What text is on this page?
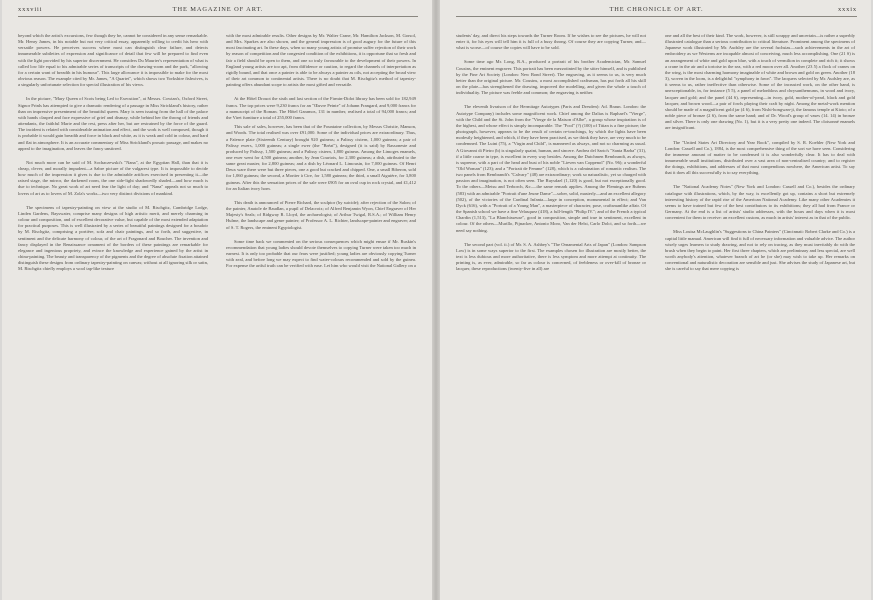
xxxviii	THE MAGAZINE OF ART.

beyond which the artist's excursions, few though they be, cannot be considered in any sense remarkable. Mr. Henry James, in his notable but not very critical essay, apparently willing to credit his hero with versatile powers. He perceives success where most can distinguish clear failure, and detects innumerable subtleties of expression and significance of detail that few will be prepared to find even with the light provided by his superior discernment. He considers Du Maurier's representation of what is called low life equal to his admirable series of transcripts of the drawing-room and the park, "allowing for a certain want of breadth in his humour". This large allowance it is impossible to make for the most obvious reason. The example cited by Mr. James, "A Quartet", which shows two Yorkshire fishwives, is a singularly unfortunate selection for special illustration of his views.

In the picture, "Mary Queen of Scots being Led to Execution", at Messrs. Cowtan's, Oxford Street, Signor Prinls has attempted to give a dramatic rendering of a passage in Miss Strickland's history, rather than on impressive presentment of the beautiful queen. Mary is seen issuing from the hall of the palace with hands clasped and face expressive of grief and dismay, while behind her the throng of friends and attendants, the faithful Marie and the rest, press after her, but are restrained by the force of the guard. The incident is related with considerable animation and effect, and the work is well composed, though it is probable it would gain breadth and force in black and white, as it is weak and cold in colour, and hard and flat in atmosphere. It is an accurate commentary of Miss Strickland's prosaic passage, and makes no appeal to the imagination, and leaves the fancy unstirred.

Not much more can be said of M. Sochaczewski's "Nana", at the Egyptian Hall, than that it is cheap, clever, and morally impudent—a Sabre picture of the vulgarest type. It is impossible to decide how much of the impression it gives is due to the admirable artifices exercised in presenting it—the raised stage, the mirror, the darkened room, the one side-light shadowedly shaded—and how much is due to technique. No great work of art need fear the light of day; and "Nana" appeals not so much to lovers of art as to lovers of M. Zola's works—two very distinct divisions of mankind.

The specimens of tapestry-painting on view at the studio of M. Rischgitz, Cambridge Lodge, Linden Gardens, Bayswater, comprise many designs of high artistic merit, and merely charming in colour and composition, and of excellent decorative value, but capable of the most extended adaptation for practical purposes. This is well illustrated by a series of beautiful paintings designed for a boudoir by M. Rischgitz, comprising a portière, sofa and chair paintings, and so forth, and suggestive, in sentiment and the delicate harmony of colour, of the art of Fragonard and Boucher. The invention and fancy displayed in the Renaissance ornament of the borders of these paintings are remarkable for elegance and ingenious propriety, and evince the knowledge and experience gained by the artist in china-painting. The beauty and transparency of the pigments and the degree of absolute fixation attained distinguish these designs from ordinary tapestry-painting on canvas; without at all ignoring silk or satin, M. Rischgitz chiefly employs a wool tap-like texture

with the most admirable results. Other designs by Mr. Walter Crane, Mr. Hamilton Jackson, M. Gorsol, and Mrs. Sparkes are also shown, and the general impression is of good augury for the future of this most fascinating art. In these days, when so many young artists of promise suffer rejection of their work by reason of competition and the congested condition of the exhibitions, it is opportune that so fresh and fair a field should be open to them, and one so truly favourable to the development of their powers. In England young artists are too apt, from diffidence or caution, to regard the channels of interpretation as rigidly bound, and that once a painter is able to be always a painter as oils, not accepting the broad view of their art common to continental artists. There is no doubt that M. Rischgitz's method of tapestry-painting offers abundant scope to artists the most gifted and versatile.

At the Hôtel Drouot the sixth and last section of the Firmin-Didot library has been sold for 182,949 francs. The top prices were 9,230 francs for an "Œuvre Peinte" of Johann Frangard, and 9,000 francs for a manuscript of the Roman. The Hôtel Garamos, 131 in number, realised a total of 94,000 francs; and the Viret furniture a total of 255,000 francs.

This sale of sales, however, has been that of the Fountaine collection, by Messrs Christie, Manson, and Woods. The total realised was over £91,000. Some of the individual prices are extraordinary. Thus, a Faïence plate (Sixteenth Century) brought 920 guineas; a Palissy cistern, 1,000 guineas; a pair of Palissy ewers, 1,000 guineas; a single ewer (the "Bréat"), designed (it is said) by Rassoneste and produced by Palissy, 1,500 guineas; and a Palissy cistern, 1,800 guineas. Among the Limoges enamels, one ewer went for 4,500 guineas; another, by Jean Courtois, for 2,300 guineas; a dish, attributed to the same great master, for 2,800 guineas; and a dish by Léonard L. Limousin, for 7,000 guineas. Of Henri Deux ware there were but three pieces, one a good but cracked and chipped. One, a small Biberon, sold for 1,060 guineas; the second, a Mortier à Cire, for 1,580 guineas; the third, a small Aiguière, for 3,800 guineas. After this the sensation prices of the sale were £905 for an oval cup in rock crystal, and £1,412 for an Italian ivory horn.

This death is announced of Pierre Richard, the sculptor (by suicide); after rejection of the Salon; of the painter, Anatole de Baudlan, a pupil of Delacroix; of Alfred Benjamin Wyon, Chief Engraver of Her Majesty's Seals; of Ridgway R. Lloyd, the archaeologist; of Arthur Twigal, R.S.A.; of William Henry Hulme, the landscape and genre painter; of Professor A. L. Richter, landscape-painter and engraver; and of S. T. Rogers, the eminent Egyptologist.

Some time back we commented on the serious consequences which might ensue if Mr. Ruskin's recommendation that young ladies should devote themselves to copying Turner were taken too much in earnest. It is only too probable that our fears were justified; young ladies are obviously copying Turner with zeal, and before long we may expect to find water-colours recommended and sold by the guinea. For expense the artful truth can be verified with ease. Let him who would visit the National Gallery on a

THE CHRONICLE OF ART.	xxxix

students' day, and direct his steps towards the Turner Room. If he wishes to see the pictures, he will not enter it, for his eyes will tell him it is full of a busy throng. Of course they are copying Turner, and—what is worse—of course the copies will have to be sold.

Some time ago Mr. Long, R.A., produced a portrait of his brother Academician, Mr. Samuel Cousins, the eminent engraver. This portrait has been mezzotinted by the sitter himself, and is published by the Fine Art Society (London: New Bond Street). The engraving, as it seems to us, is very much better than the original picture. Mr. Cousins, a most accomplished craftsman, has put forth all his skill on the plate—has strengthened the drawing, improved the modelling, and given the whole a touch of individuality. The picture was feeble and common; the engraving is neither.

The eleventh livraison of the Hermitage Autotypes (Paris and Dresden): Ad. Braun. London: the Autotype Company) includes some magnificent work. Chief among the Dalias is Raphael's "Vierge", with the Child and the St. John from the "Vierge de la Maison d'Albe", a group whose inspiration is of the highest, and whose effect is simply incomparable. The "Fool" (?) (100) of Titian is a fine picture; the photograph, however, appears to be the result of certain re-touchings, by which the lights have been modestly heightened, and which, if they have been practised, as we think they have, are very much to be condemned. The Luini (75), a "Virgin and Child", is mannered as always, and not so charming as usual. A Giovanni di Pietro (b) is singularly quaint, human, and sincere. Andrea del Sarto's "Santa Barba" (31), if a little coarse in type, is excellent in every way besides. Among the Dutchmen Rembrandt, as always, is supreme, with a part of the head and bust of his noble "Lieven van Coppenol" (No. 96); a wonderful "Old Woman" (123); and a "Portrait de Femme" (128), which is a culmination of romantic realism. The two panels from Rembrandt's "Calvary" (48) are extraordinary; work so naturalistic, yet so charged with passion and imagination, is not often seen. The Ruysdael (1,120) is good, but not exceptionally good. To the others—Metsu and Terborch, &c.—the same remark applies. Among the Flemings are Rubens (583) with an admirable "Portrait d'une Jeune Dame"—sober, solid, masterly—and an excellent allegory (502), of the victories of the Cardinal Infanta—large in conception, monumental in effect; and Van Dyck (616), with a "Portrait of a Young Man", a masterpiece of character, pose, craftsmanlike affair. Of the Spanish school we have a fine Velasquez (418), a full-length "Philip IV."; and of the French a typical Chardin (1,513), "La Blanchisseuse", good in composition, simple and true in sentiment, excellent in colour. Of the others—Murillo, Pijnacker, Antonio Moro, Van der Helst, Carlo Dolci, and so forth—we need say nothing.

The second part (vol. ii.) of Mr. S. A. Ashbey's "The Ornamental Arts of Japan" (London: Sampson Low) is in some ways superior to the first. The examples chosen for illustration are mostly better, the text is less dubious and more authoritative, there is less symptom and more attempt at continuity. The printing is, as ever, admirable, so far as colour is concerned, of feebleness or over-kill of bronze or lacquer, these reproductions (twenty-five in all) are

one and all the best of their kind. The work, however, is still scrappy and uncertain—is rather a superbly illustrated catalogue than a serious contribution to critical literature. Prominent among the specimens of Japanese work illustrated by Mr. Audsley are the several fuchsias—such achievements in the art of embroidery as we Westerns are incapable almost of conceiving, much less accomplishing. One (21 S) is an arrangement of white and gold upon blue, with a touch of vermilion in complete and rich it; it shows a crane in the air and a tortoise in the sea, with a red moon over all. Another (23 5) a flock of cranes on the wing, is the most charming harmony imaginable of white and brown and gold on green. Another (18 3), woven in the loom, is a delightful "symphony in fawn". The lacquers selected by Mr. Audsley are, as it seems to us, rather ineffective than otherwise. Some of the incrusted work, on the other hand, is unexceptionable, in, for instance (5 5), a panel of melonbloss and chrysanthemums, in wood and ivory, lacquer and gold; and the panel (44 6), representing—in ivory, gold, mother-of-pearl, black and gold lacquer, and brown wood—a pair of fowls playing their craft by night. Among the metal-work mention should be made of a magnificent gold jar (4 6), from Nishi-hongwan-ji, the famous temple at Kioto; of a noble piece of bronze (2 6), from the same hand; and of Dr. Wood's group of vases (14. 14) in bronze and silver. There is only one drawing (No. 1), but it is a very pretty one indeed. The cloisonné enamels are insignificant.

The "United States Art Directory and Year Book", compiled by S. R. Koehler (New York and London: Cassell and Co.), 1884, is the most comprehensive thing of the sort we have seen. Considering the immense amount of matter to be condensed it is also wonderfully clear. It has to deal with innumerable small institutions, distributed over a vast area of non-centralised country; and to register the doings, exhibitions, and addresses of that most compendious nowhere, the American artist. To say that it does all this successfully is to say everything.

The "National Academy Notes" (New York and London: Cassell and Co.), besides the ordinary catalogue with illustrations, which, by the way, is excellently got up, contains a short but extremely interesting history of the rapid rise of the American National Academy. Like many other Academies it seems to have trained but few of the best contributors to its exhibitions; they all had from France or Germany. At the end is a list of artists' studio addresses, with the hours and days when it is most convenient for them to receive: an excellent custom, as much in artists' interest as in that of the public.

Miss Louisa McLaughlin's "Suggestions to China Painters" (Cincinnati: Robert Clarke and Co.) is a capital little manual. American will find it full of necessary information and valuable advice. The author wisely urges learners to study drawing, and not to rely on tracing, as they must inevitably do with the brush when they begin to paint. Her first three chapters, which are preliminary and less special, are well worth anybody's attention, whatever branch of art he (or she) may wish to take up. Her remarks on conventional and naturalistic decoration are sensible and just. She advises the study of Japanese art, but she is careful to say that mere copying is
